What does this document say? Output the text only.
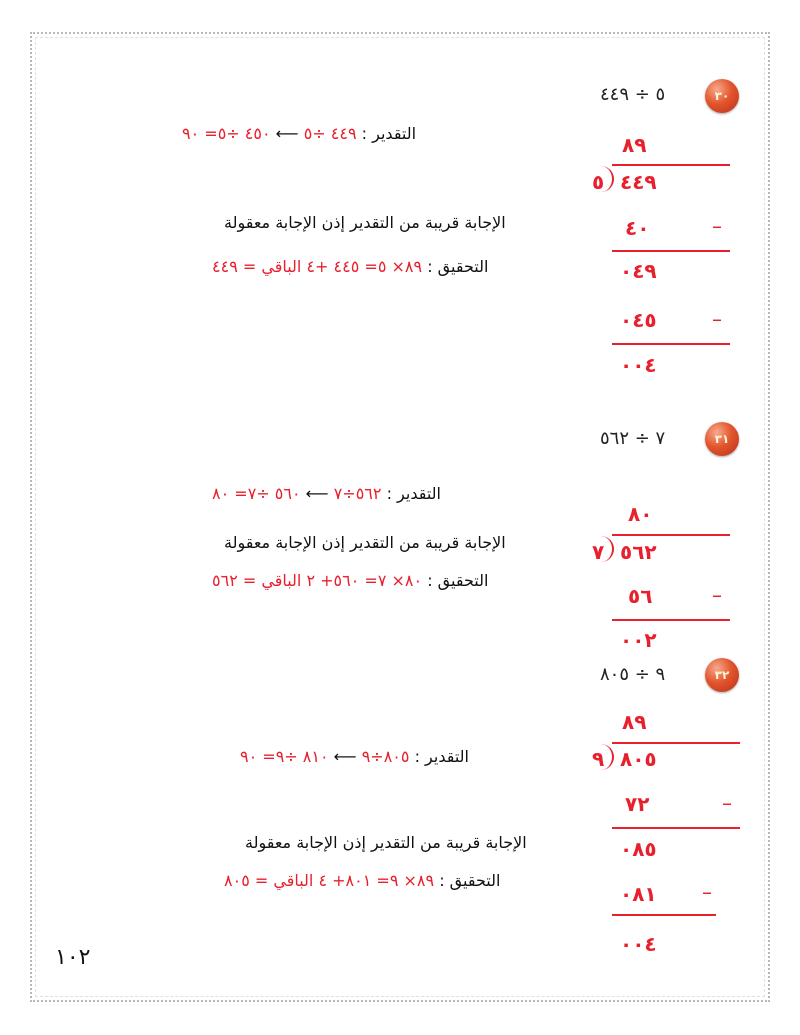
٣٠
٥ ÷ ٤٤٩
٨٩
٥ ٤٤٩
٤٠	–
٠٤٩
٠٤٥	–
٠٠٤
التقدير : ٤٤٩ ÷٥ ⟵ ٤٥٠ ÷٥= ٩٠
الإجابة قريبة من التقدير إذن الإجابة معقولة
التحقيق : ٨٩× ٥= ٤٤٥ +٤ الباقي = ٤٤٩
٣١
٧ ÷ ٥٦٢
٨٠
٧ ٥٦٢
٥٦	–
٠٠٢
التقدير : ٥٦٢÷٧ ⟵ ٥٦٠ ÷٧= ٨٠
الإجابة قريبة من التقدير إذن الإجابة معقولة
التحقيق : ٨٠× ٧= ٥٦٠+ ٢ الباقي = ٥٦٢
٣٢
٩ ÷ ٨٠٥
٨٩
٩ ٨٠٥
٧٢	–
٠٨٥
٠٨١ –
٠٠٤
التقدير : ٨٠٥÷٩ ⟵ ٨١٠ ÷٩= ٩٠
الإجابة قريبة من التقدير إذن الإجابة معقولة
التحقيق : ٨٩× ٩= ٨٠١+ ٤ الباقي = ٨٠٥
١٠٢
